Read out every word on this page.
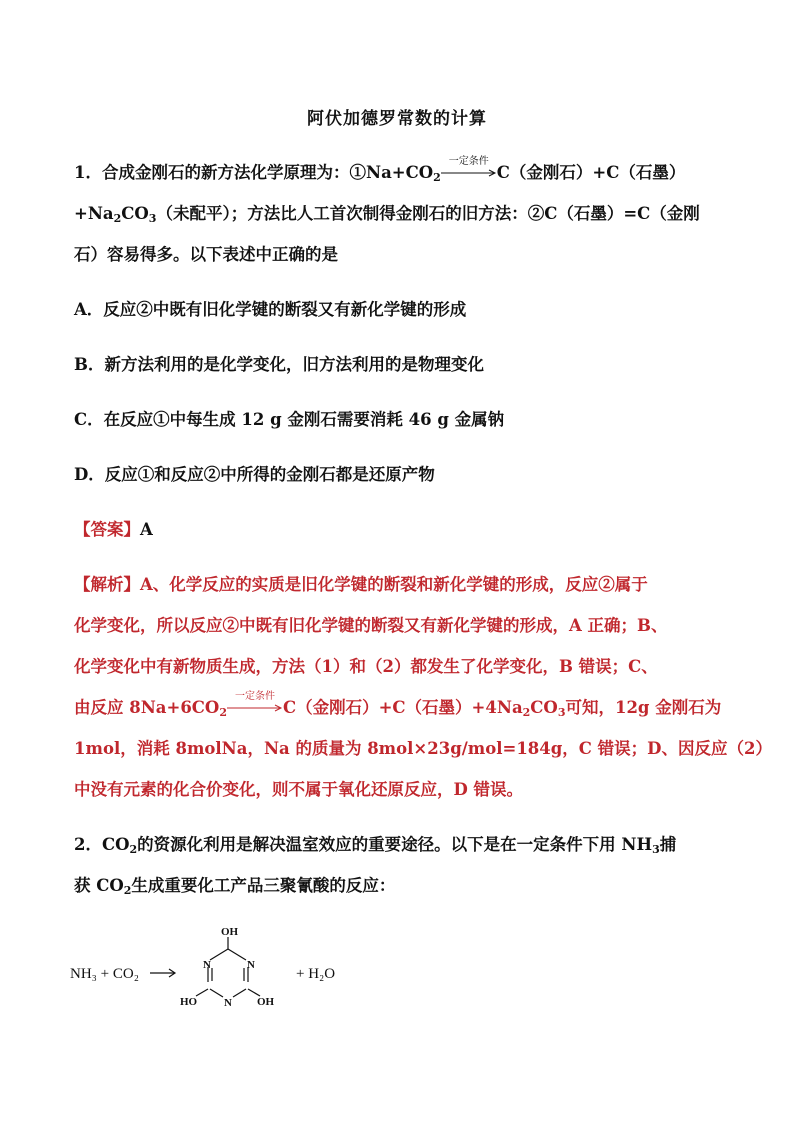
阿伏加德罗常数的计算
1．合成金刚石的新方法化学原理为：$①Na+CO_2$
一定条件
C（金刚石）+C（石墨）
$+Na_2CO_3$（未配平）；方法比人工首次制得金刚石的旧方法：②C（石墨）=C（金刚
石）容易得多。以下表述中正确的是
A．反应②中既有旧化学键的断裂又有新化学键的形成
B．新方法利用的是化学变化，旧方法利用的是物理变化
C．在反应①中每生成 12 g 金刚石需要消耗 46 g 金属钠
D．反应①和反应②中所得的金刚石都是还原产物
【答案】A
【解析】A、化学反应的实质是旧化学键的断裂和新化学键的形成，反应②属于
化学变化，所以反应②中既有旧化学键的断裂又有新化学键的形成，A 正确；B、
化学变化中有新物质生成，方法（1）和（2）都发生了化学变化，B 错误；C、
由反应 $8Na+6CO_2$
一定条件
C（金刚石）+C（石墨）$+4Na_2CO_3$可知，12g 金刚石为
1mol，消耗 8molNa，Na 的质量为 8mol×23g/mol=184g，C 错误；D、因反应（2）
中没有元素的化合价变化，则不属于氧化还原反应，D 错误。
2．$CO_2$的资源化利用是解决温室效应的重要途径。以下是在一定条件下用 $NH_3$捕
获 $CO_2$生成重要化工产品三聚氰酸的反应：
NH₃ + CO₂
OH
N	N
N
HO	OH
+ H₂O
